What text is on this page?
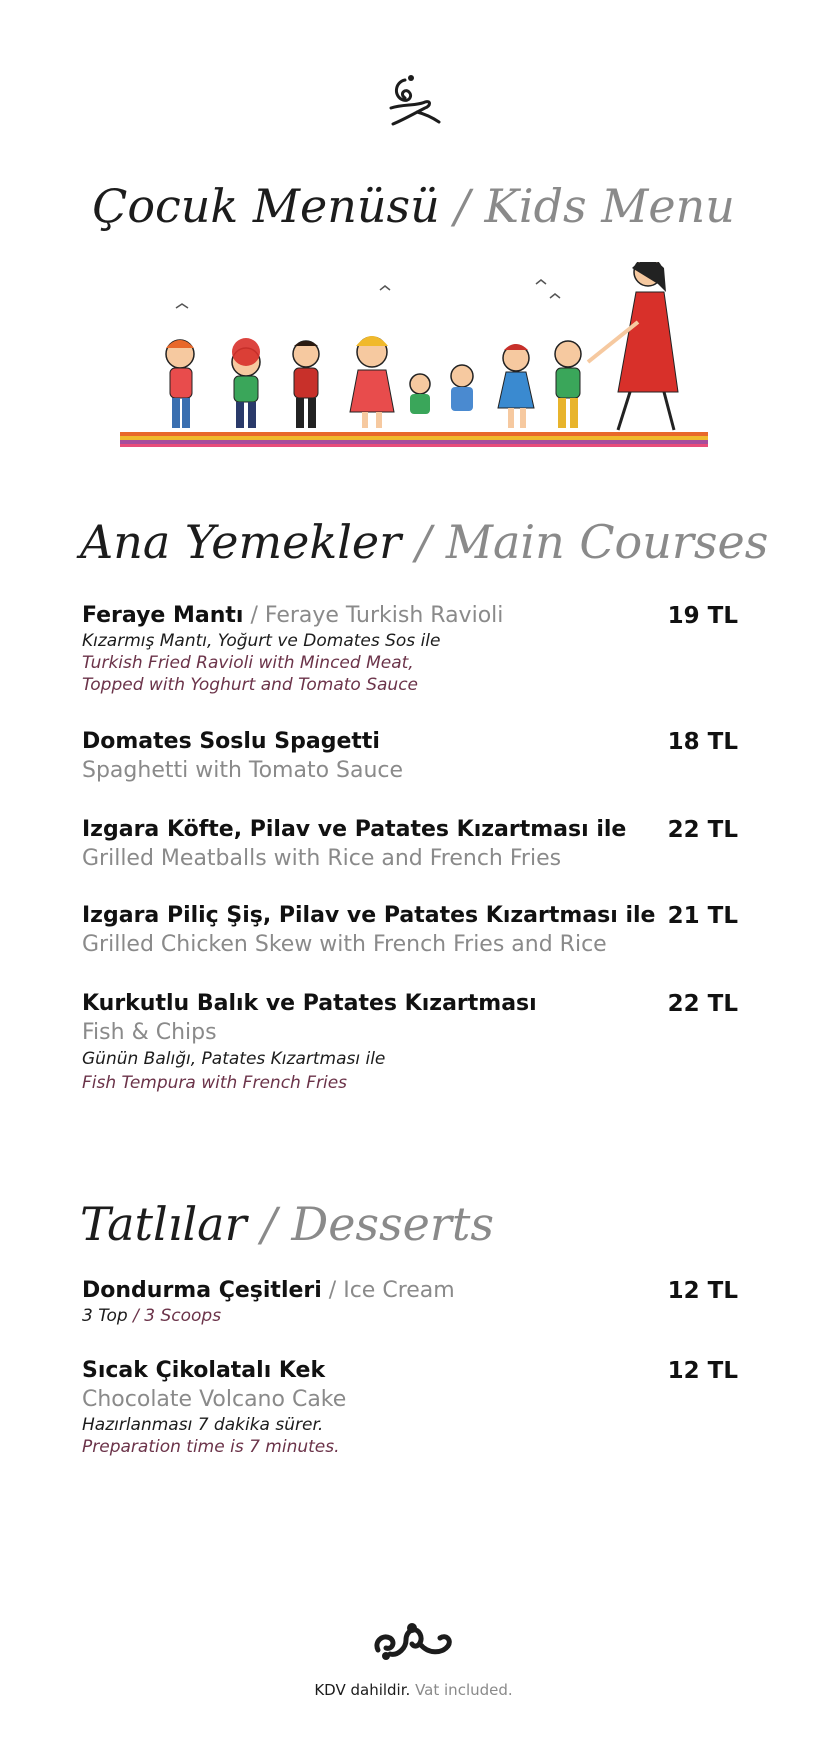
Çocuk Menüsü / Kids Menu
Ana Yemekler / Main Courses
Feraye Mantı / Feraye Turkish Ravioli	19 TL
Kızarmış Mantı, Yoğurt ve Domates Sos ile
Turkish Fried Ravioli with Minced Meat,
Topped with Yoghurt and Tomato Sauce
Domates Soslu Spagetti	18 TL
Spaghetti with Tomato Sauce
Izgara Köfte, Pilav ve Patates Kızartması ile	22 TL
Grilled Meatballs with Rice and French Fries
Izgara Piliç Şiş, Pilav ve Patates Kızartması ile 21 TL
Grilled Chicken Skew with French Fries and Rice
Kurkutlu Balık ve Patates Kızartması	22 TL
Fish & Chips
Günün Balığı, Patates Kızartması ile
Fish Tempura with French Fries
Tatlılar / Desserts
Dondurma Çeşitleri / Ice Cream	12 TL
3 Top / 3 Scoops
Sıcak Çikolatalı Kek	12 TL
Chocolate Volcano Cake
Hazırlanması 7 dakika sürer.
Preparation time is 7 minutes.
KDV dahildir. Vat included.
